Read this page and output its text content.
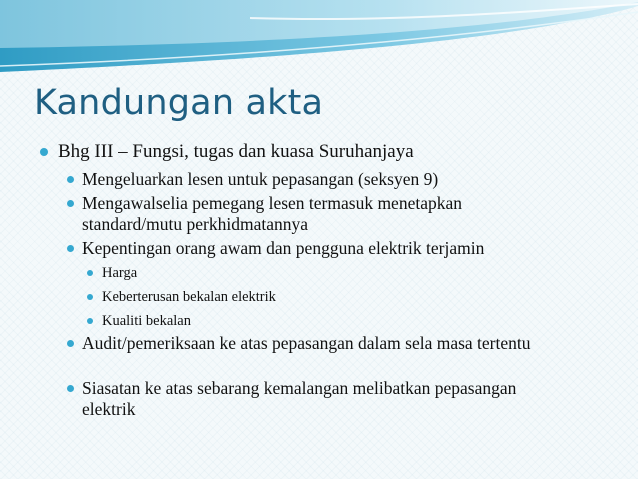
Kandungan akta
Bhg III – Fungsi, tugas dan kuasa Suruhanjaya
Mengeluarkan lesen untuk pepasangan (seksyen 9)
Mengawalselia pemegang lesen termasuk menetapkan standard/mutu perkhidmatannya
Kepentingan orang awam dan pengguna elektrik terjamin
Harga
Keberterusan bekalan elektrik
Kualiti bekalan
Audit/pemeriksaan ke atas pepasangan dalam sela masa tertentu
Siasatan ke atas sebarang kemalangan melibatkan pepasangan elektrik
